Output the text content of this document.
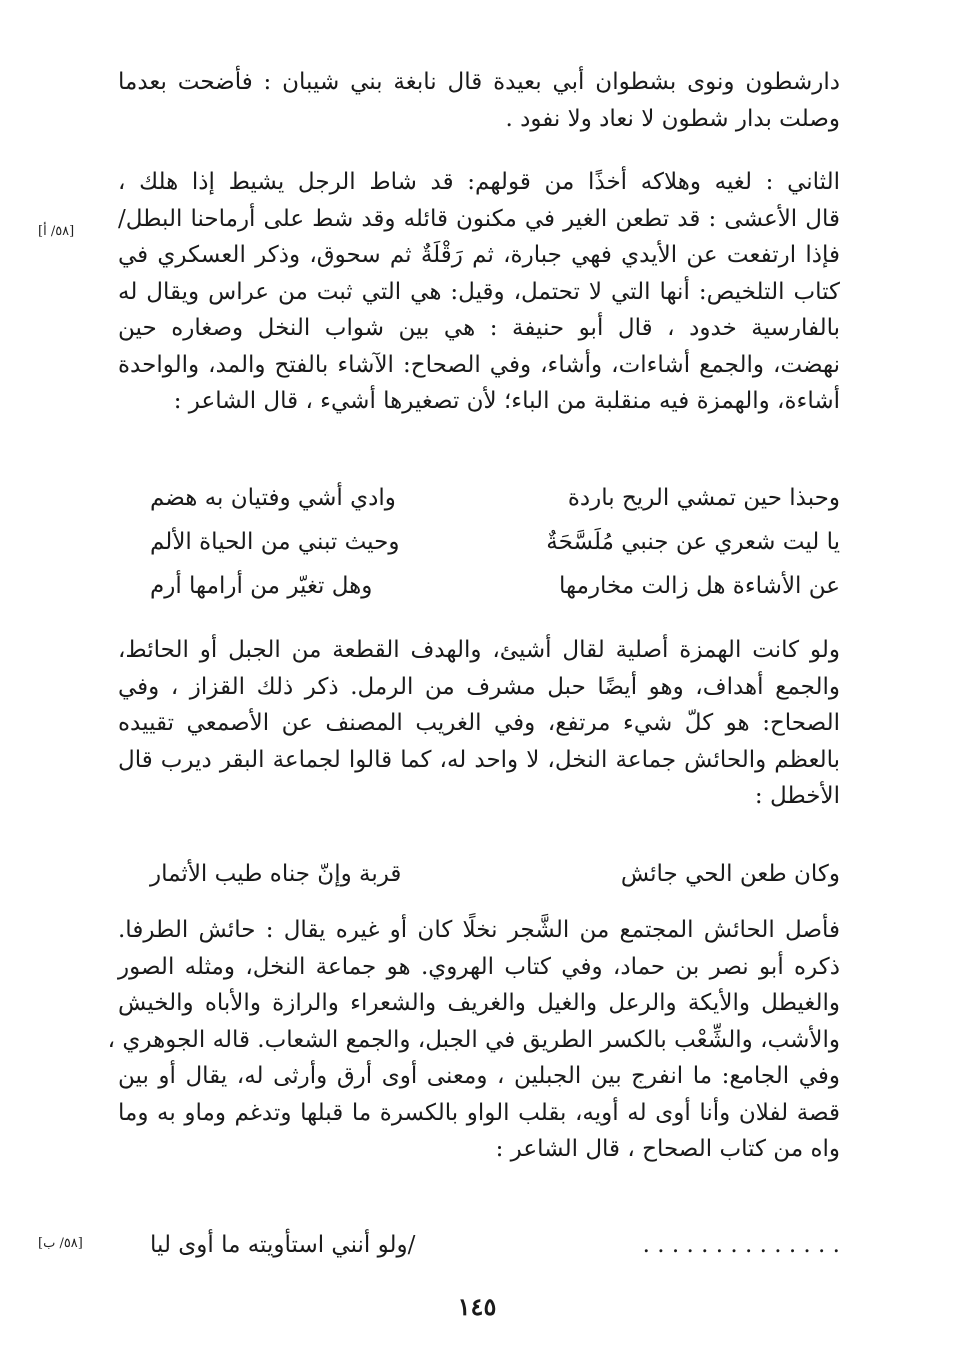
دارشطون ونوى بشطوان أبي بعيدة قال نابغة بني شيبان : فأضحت بعدما
وصلت بدار شطون لا نعاد ولا نفود .
الثاني : لغيه وهلاكه أخذًا من قولهم: قد شاط الرجل يشيط إذا هلك ،
قال الأعشى : قد تطعن الغير في مكنون قائله وقد شط على أرماحنا البطل/
فإذا ارتفعت عن الأيدي فهي جبارة، ثم رَقْلَةٌ ثم سحوق، وذكر العسكري في
كتاب التلخيص: أنها التي لا تحتمل، وقيل: هي التي ثبت من عراس ويقال له
بالفارسية خدود ، قال أبو حنيفة : هي بين شواب النخل وصغاره حين
نهضت، والجمع أشاءات، وأشاء، وفي الصحاح: الآشاء بالفتح والمد، والواحدة
أشاءة، والهمزة فيه منقلبة من الباء؛ لأن تصغيرها أشيء ، قال الشاعر :
وحبذا حين تمشي الريح باردة
وادي أشي وفتيان به هضم
يا ليت شعري عن جنبي مُلَسَّحَةٌ
وحيث تبني من الحياة الألم
عن الأشاءة هل زالت مخارمها
وهل تغيّر من أرامها أرم
ولو كانت الهمزة أصلية لقال أشيئ، والهدف القطعة من الجبل أو الحائط،
والجمع أهداف، وهو أيضًا حبل مشرف من الرمل. ذكر ذلك القزاز ، وفي
الصحاح: هو كلّ شيء مرتفع، وفي الغريب المصنف عن الأصمعي تقييده
بالعظم والحائش جماعة النخل، لا واحد له، كما قالوا لجماعة البقر ديرب قال
الأخطل :
وكان طعن الحي جائش
قربة وإنّ جناه طيب الأثمار
فأصل الحائش المجتمع من الشَّجر نخلًا كان أو غيره يقال : حائش الطرفا.
ذكره أبو نصر بن حماد، وفي كتاب الهروي. هو جماعة النخل، ومثله الصور
والغيطل والأيكة والرعل والغيل والغريف والشعراء والرازة والأباه والخيش
والأشب، والشِّعْب بالكسر الطريق في الجبل، والجمع الشعاب. قاله الجوهري ،
وفي الجامع: ما انفرج بين الجبلين ، ومعنى أوى أرق وأرثى له، يقال أو بين
قصة لفلان وأنا أوى له أويه، بقلب الواو بالكسرة ما قبلها وتدغم وماو به وما
واه من كتاب الصحاح ، قال الشاعر :
. . . . . . . . . . . . . .
/ولو أنني استأويته ما أوى ليا
[٥٨/ أ]
[٥٨/ ب]
١٤٥
